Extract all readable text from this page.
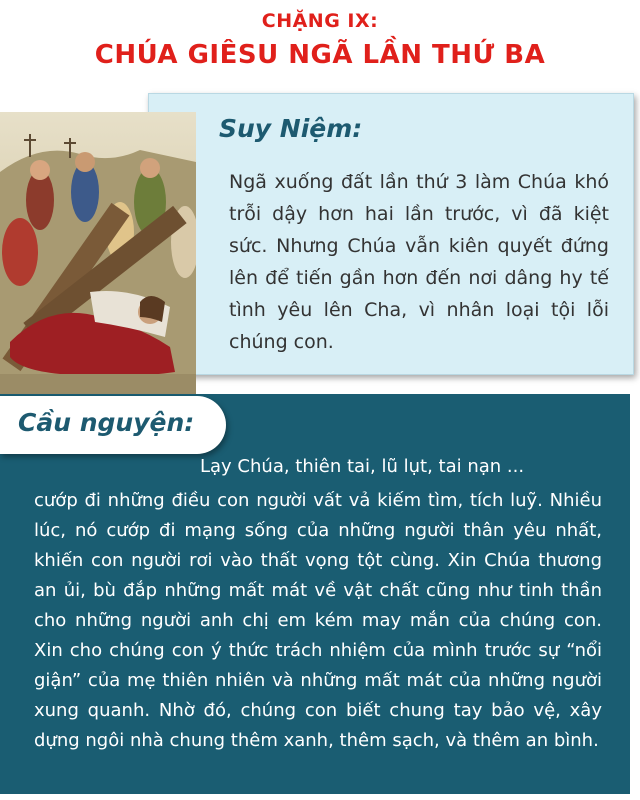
CHẶNG IX:
CHÚA GIÊSU NGÃ LẦN THỨ BA
Suy Niệm:
Ngã xuống đất lần thứ 3 làm Chúa khó trỗi dậy hơn hai lần trước, vì đã kiệt sức. Nhưng Chúa vẫn kiên quyết đứng lên để tiến gần hơn đến nơi dâng hy tế tình yêu lên Cha, vì nhân loại tội lỗi chúng con.
Cầu nguyện:
Lạy Chúa, thiên tai, lũ lụt, tai nạn ...
cướp đi những điều con người vất vả kiếm tìm, tích luỹ. Nhiều lúc, nó cướp đi mạng sống của những người thân yêu nhất, khiến con người rơi vào thất vọng tột cùng. Xin Chúa thương an ủi, bù đắp những mất mát về vật chất cũng như tinh thần cho những người anh chị em kém may mắn của chúng con. Xin cho chúng con ý thức trách nhiệm của mình trước sự “nổi giận” của mẹ thiên nhiên và những mất mát của những người xung quanh. Nhờ đó, chúng con biết chung tay bảo vệ, xây dựng ngôi nhà chung thêm xanh, thêm sạch, và thêm an bình.
